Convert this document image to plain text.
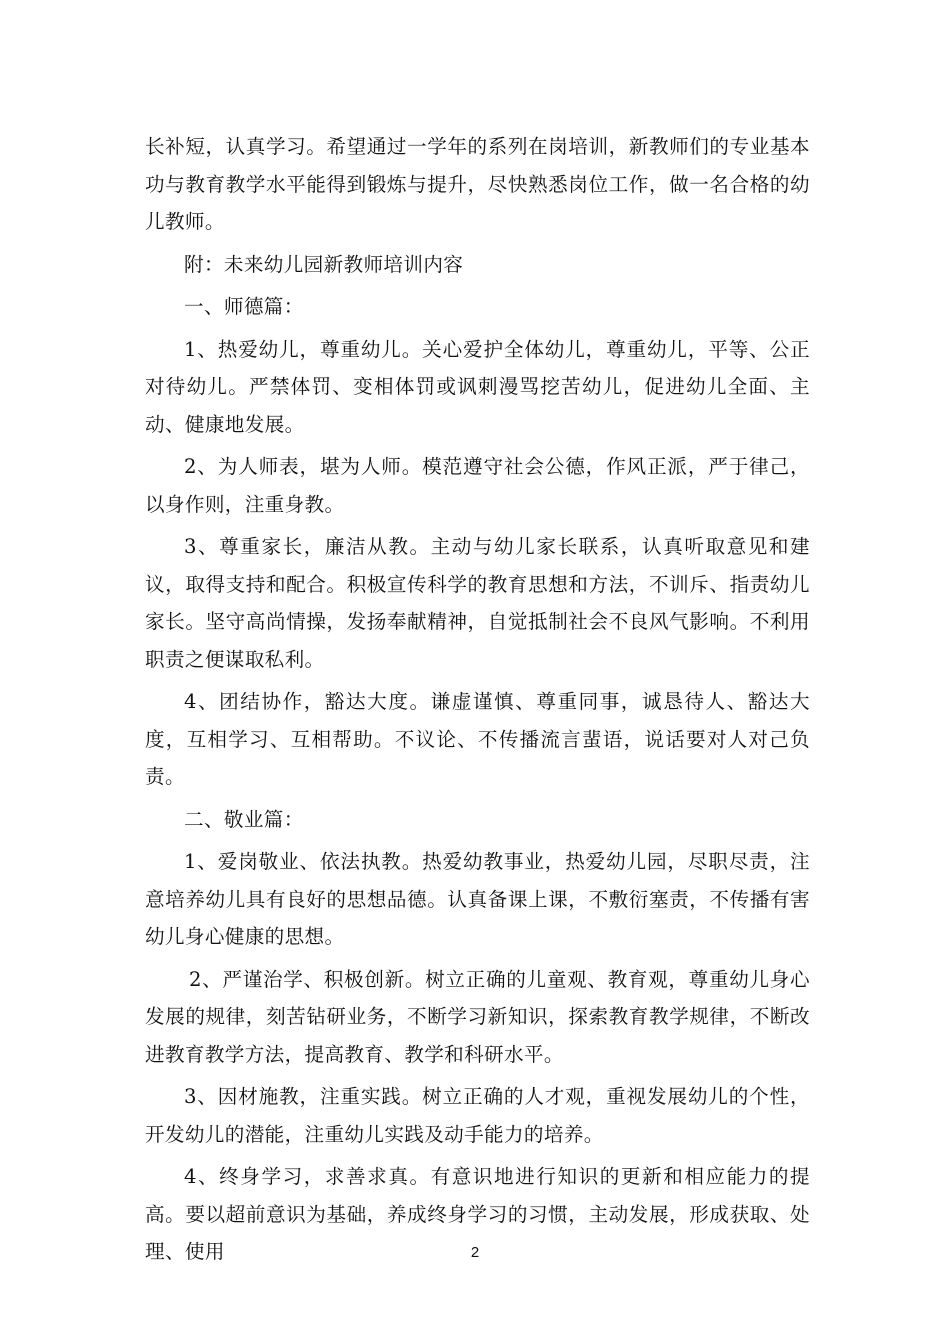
长补短，认真学习。希望通过一学年的系列在岗培训，新教师们的专业基本功与教育教学水平能得到锻炼与提升，尽快熟悉岗位工作，做一名合格的幼儿教师。

附：未来幼儿园新教师培训内容

一、师德篇：

1、热爱幼儿，尊重幼儿。关心爱护全体幼儿，尊重幼儿，平等、公正对待幼儿。严禁体罚、变相体罚或讽刺漫骂挖苦幼儿，促进幼儿全面、主动、健康地发展。

2、为人师表，堪为人师。模范遵守社会公德，作风正派，严于律己，以身作则，注重身教。

3、尊重家长，廉洁从教。主动与幼儿家长联系，认真听取意见和建议，取得支持和配合。积极宣传科学的教育思想和方法，不训斥、指责幼儿家长。坚守高尚情操，发扬奉献精神，自觉抵制社会不良风气影响。不利用职责之便谋取私利。

4、团结协作，豁达大度。谦虚谨慎、尊重同事，诚恳待人、豁达大度，互相学习、互相帮助。不议论、不传播流言蜚语，说话要对人对己负责。

二、敬业篇：

1、爱岗敬业、依法执教。热爱幼教事业，热爱幼儿园，尽职尽责，注意培养幼儿具有良好的思想品德。认真备课上课，不敷衍塞责，不传播有害幼儿身心健康的思想。

2、严谨治学、积极创新。树立正确的儿童观、教育观，尊重幼儿身心发展的规律，刻苦钻研业务，不断学习新知识，探索教育教学规律，不断改进教育教学方法，提高教育、教学和科研水平。

3、因材施教，注重实践。树立正确的人才观，重视发展幼儿的个性，开发幼儿的潜能，注重幼儿实践及动手能力的培养。

4、终身学习，求善求真。有意识地进行知识的更新和相应能力的提高。要以超前意识为基础，养成终身学习的习惯，主动发展，形成获取、处理、使用	2
